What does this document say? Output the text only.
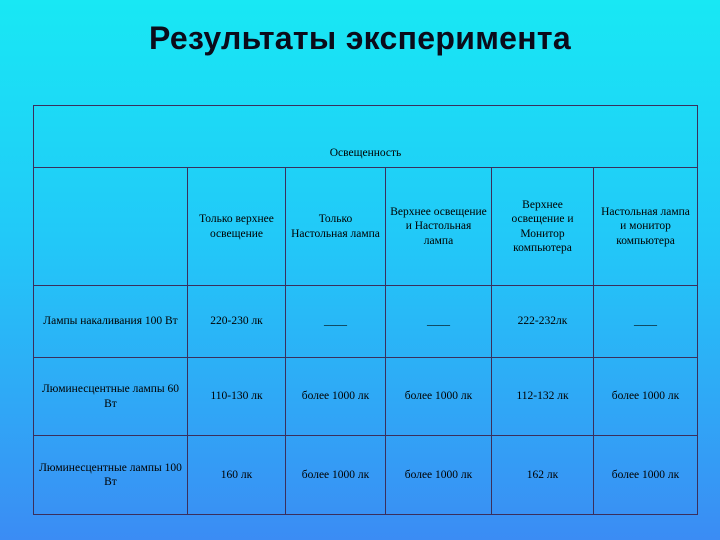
Результаты эксперимента
Освещенность					
	Только верхнее освещение	Только Настольная лампа	Верхнее освещение и Настольная лампа	Верхнее освещение и Монитор компьютера	Настольная лампа и монитор компьютера
Лампы накаливания 100 Вт	220-230 лк	____	____	222-232лк	____
Люминесцентные лампы 60 Вт	110-130 лк	более 1000 лк	более 1000 лк	112-132 лк	более 1000 лк
Люминесцентные лампы 100 Вт	160 лк	более 1000 лк	более 1000 лк	162 лк	более 1000 лк
